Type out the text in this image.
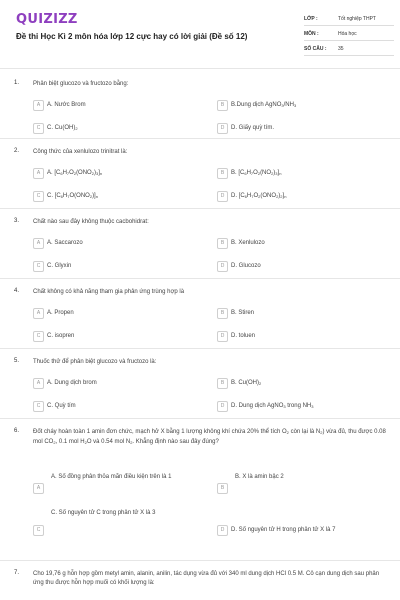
QUIZIZZ
Đề thi Học Kì 2 môn hóa lớp 12 cực hay có lời giải (Đề số 12)
LỚP :	Tốt nghiệp THPT
MÔN :	Hóa học
SỐ CÂU : 35
1. Phân biệt glucozo và fructozo bằng:
A	A. Nước Brom	B	B.Dung dịch $AgNO_3/NH_3$
C	C. $Cu(OH)_2$	D	D. Giấy quỳ tím.
2. Công thức của xenlulozo trinitrat là:
A	A. $[C_6H_7O_2(ONO_2)_3]_n$	B	B. $[C_6H_7O_2(NO_2)_3]_n$
C	C. $[C_6H_7O(ONO_2)]_n$	D	D. $[C_6H_7O_2(ONO_2)_2]_n$
3. Chất nào sau đây không thuộc cacbohidrat:
A	A. Saccarozo	B	B. Xenlulozo
C	C. Glyxin	D	D. Glucozo
4. Chất không có khả năng tham gia phản ứng trùng hợp là
A	A. Propen	B	B. Stiren
C	C. isopren	D	D. toluen
5. Thuốc thử để phân biệt glucozo và fructozo là:
A	A. Dung dịch brom	B	B. $Cu(OH)_2$
C	C. Quỳ tím	D	D. Dung dịch AgNO$_3$ trong $NH_3$
6. Đốt cháy hoàn toàn 1 amin đơn chức, mạch hở X bằng 1 lượng không khí chứa 20% thể tích $O_2$ còn lại là $N_2$) vừa đủ, thu được 0.08 mol $CO_2$, 0.1 mol $H_2O$ và 0.54 mol $N_2$. Khẳng định nào sau đây đúng?
A
A. Số đồng phân thỏa mãn điều kiện trên là 1
B
B. X là amin bậc 2
C
C. Số nguyên tử C trong phân tử X là 3
D	D. Số nguyên tử H trong phân tử X là 7
7. Cho 19,76 g hỗn hợp gồm metyl amin, alanin, anilin, tác dụng vừa đủ với 340 ml dung dịch HCl 0.5 M. Cô cạn dung dịch sau phản ứng thu được hỗn hợp muối có khối lượng là:
